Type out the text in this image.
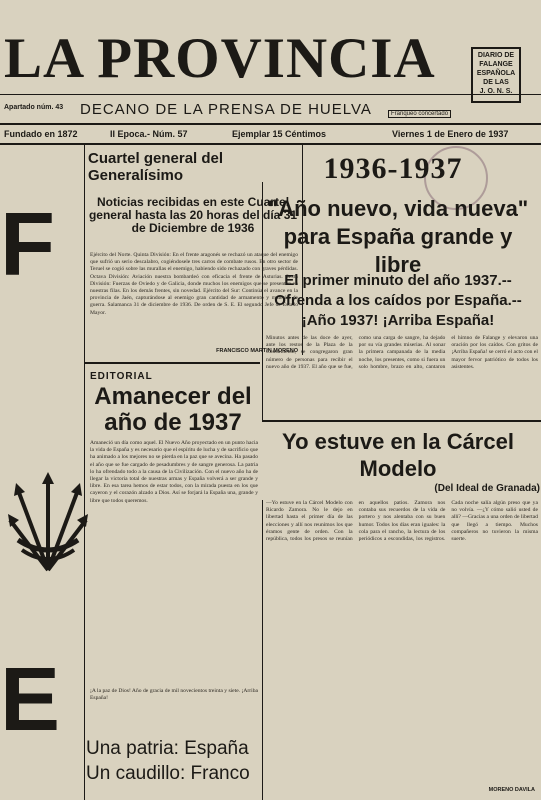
LA PROVINCIA	DIARIO DE
FALANGE
ESPAÑOLA
DE LAS
J. O. N. S.
Apartado núm. 43 DECANO DE LA PRENSA DE HUELVA	Franqueo concertado
Fundado en 1872	II Epoca.- Núm. 57	Ejemplar 15 Céntimos	Viernes 1 de Enero de 1937
F
E
Cuartel general del Generalísimo
Noticias recibidas en este Cuartel general hasta las 20 horas del día 31 de Diciembre de 1936
Ejército del Norte. Quinta División: En el frente aragonés se rechazó un ataque del enemigo que sufrió un serio descalabro, cogiéndosele tres carros de combate rusos. En otro sector de Teruel se cogió sobre las murallas el enemigo, habiendo sido rechazado con graves pérdidas. Octava División: Aviación nuestra bombardeó con eficacia el frente de Asturias. Sexta División: Fuerzas de Oviedo y de Galicia, donde muchos los enemigos que se presentan en nuestras filas. En los demás frentes, sin novedad. Ejército del Sur: Continúa el avance en la provincia de Jaén, capturándose al enemigo gran cantidad de armamento y material de guerra. Salamanca 31 de diciembre de 1936. De orden de S. E. El segundo Jefe de Estado Mayor.
FRANCISCO MARTIN MORENO
1936-1937
"Año nuevo, vida nueva" para España grande y libre
El primer minuto del año 1937.--Ofrenda a los caídos por España.--¡Año 1937! ¡Arriba España!
Minutos antes de las doce de ayer, ante los restos de la Plaza de la Constitución, se congregaron gran número de personas para recibir el nuevo año de 1937. El año que se fue, como una carga de sangre, ha dejado por su vía grandes miserias. Al sonar la primera campanada de la media noche, los presentes, como si fuera un solo hombre, brazo en alto, cantaron el himno de Falange y elevaron una oración por los caídos. Con gritos de ¡Arriba España! se cerró el acto con el mayor fervor patriótico de todos los asistentes.
EDITORIAL
Amanecer del año de 1937
Amaneció un día como aquel. El Nuevo Año proyectado en un punto hacia la vida de España y es necesario que el espíritu de lucha y de sacrificio que ha animado a los mejores no se pierda en la paz que se avecina. Ha pasado el año que se fue cargado de pesadumbres y de sangre generosa. La patria lo ha ofrendado todo a la causa de la Civilización. Con el nuevo año ha de llegar la victoria total de nuestras armas y España volverá a ser grande y libre. En esa tarea hemos de estar todos, con la mirada puesta en los que cayeron y el corazón alzado a Dios. Así se forjará la España una, grande y libre que todos queremos.
¡A la paz de Dios! Año de gracia de mil novecientos treinta y siete. ¡Arriba España!
Yo estuve en la Cárcel Modelo
(Del Ideal de Granada)
—Yo estuve en la Cárcel Modelo con Ricardo Zamora. No le dejo en libertad hasta el primer día de las elecciones y allí nos reunimos los que éramos gente de orden. Con la república, todos los presos se reunían en aquellos patios. Zamora nos contaba sus recuerdos de la vida de portero y nos alentaba con su buen humor. Todos los días eran iguales: la cola para el rancho, la lectura de los periódicos a escondidas, los registros. Cada noche salía algún preso que ya no volvía. —¿Y cómo salió usted de allí? —Gracias a una orden de libertad que llegó a tiempo. Muchos compañeros no tuvieron la misma suerte.
MORENO DAVILA
Una patria: España
Un caudillo: Franco
